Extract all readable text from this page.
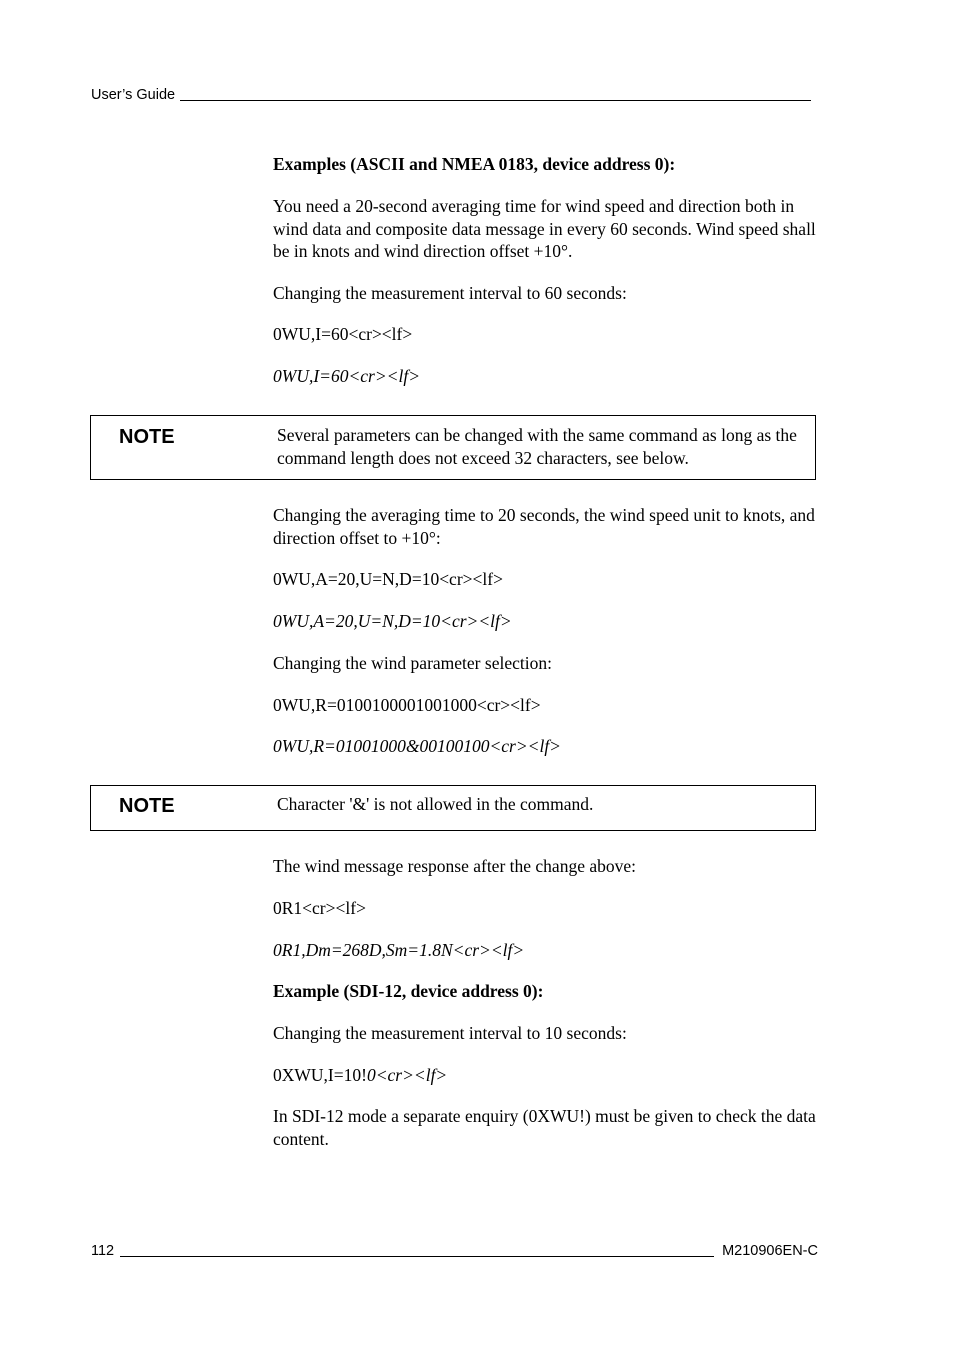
User’s Guide

Examples (ASCII and NMEA 0183, device address 0):

You need a 20-second averaging time for wind speed and direction both in wind data and composite data message in every 60 seconds. Wind speed shall be in knots and wind direction offset +10°.

Changing the measurement interval to 60 seconds:

0WU,I=60<cr><lf>

0WU,I=60<cr><lf>

NOTE	Several parameters can be changed with the same command as long as the command length does not exceed 32 characters, see below.

Changing the averaging time to 20 seconds, the wind speed unit to knots, and direction offset to +10°:

0WU,A=20,U=N,D=10<cr><lf>

0WU,A=20,U=N,D=10<cr><lf>

Changing the wind parameter selection:

0WU,R=0100100001001000<cr><lf>

0WU,R=01001000&00100100<cr><lf>

NOTE	Character '&' is not allowed in the command.

The wind message response after the change above:

0R1<cr><lf>

0R1,Dm=268D,Sm=1.8N<cr><lf>

Example (SDI-12, device address 0):

Changing the measurement interval to 10 seconds:

0XWU,I=10!0<cr><lf>

In SDI-12 mode a separate enquiry (0XWU!) must be given to check the data content.

112	M210906EN-C
